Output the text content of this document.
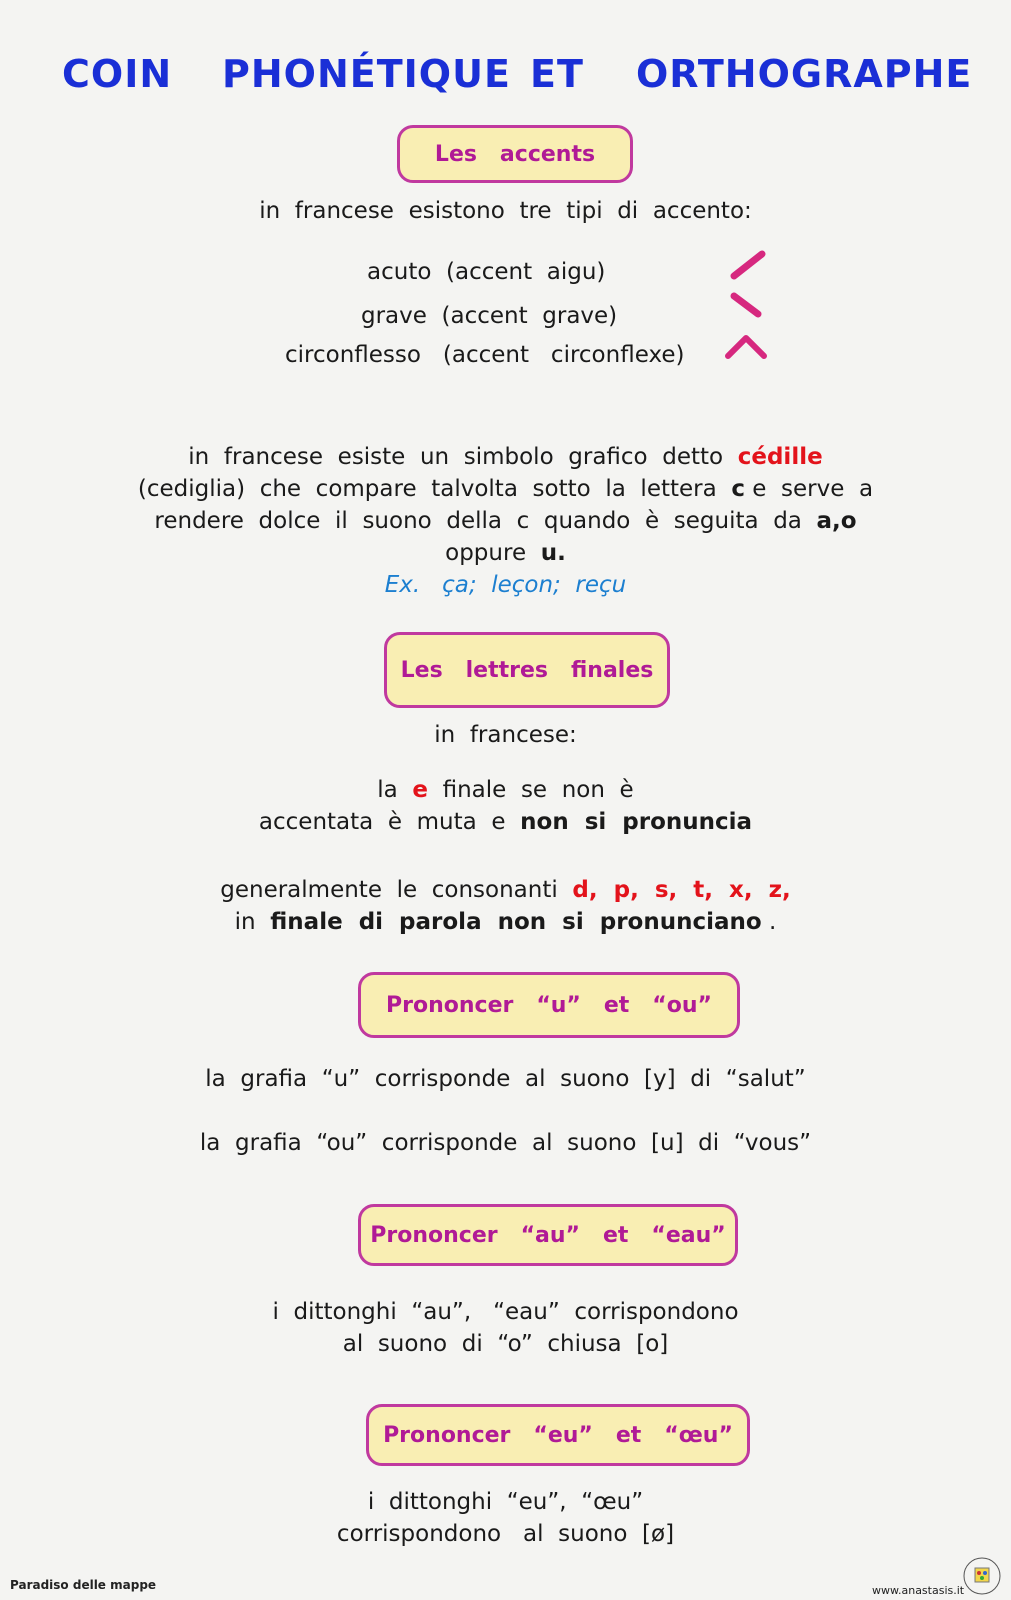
COIN PHONÉTIQUE ET ORTHOGRAPHE
Les   accents
in  francese  esistono  tre  tipi  di  accento:
acuto  (accent  aigu)
grave  (accent  grave)
circonflesso   (accent   circonflexe)
in  francese  esiste  un  simbolo  grafico  detto  cédille
(cediglia)  che  compare  talvolta  sotto  la  lettera  c e  serve  a
rendere  dolce  il  suono  della  c  quando  è  seguita  da  a,o
oppure  u.
Ex.   ça;  leçon;  reçu
Les   lettres   finales
in  francese:
la  e  finale  se  non  è
accentata  è  muta  e  non  si  pronuncia
generalmente  le  consonanti  d,  p,  s,  t,  x,  z,
in  finale  di  parola  non  si  pronunciano .
Prononcer   “u”   et   “ou”
la  grafia  “u”  corrisponde  al  suono  [y]  di  “salut”
la  grafia  “ou”  corrisponde  al  suono  [u]  di  “vous”
Prononcer   “au”   et   “eau”
i  dittonghi  “au”,   “eau”  corrispondono
al  suono  di  “o”  chiusa  [o]
Prononcer   “eu”   et   “œu”
i  dittonghi  “eu”,  “œu”
corrispondono   al  suono  [ø]
Paradiso delle mappe	www.anastasis.it
